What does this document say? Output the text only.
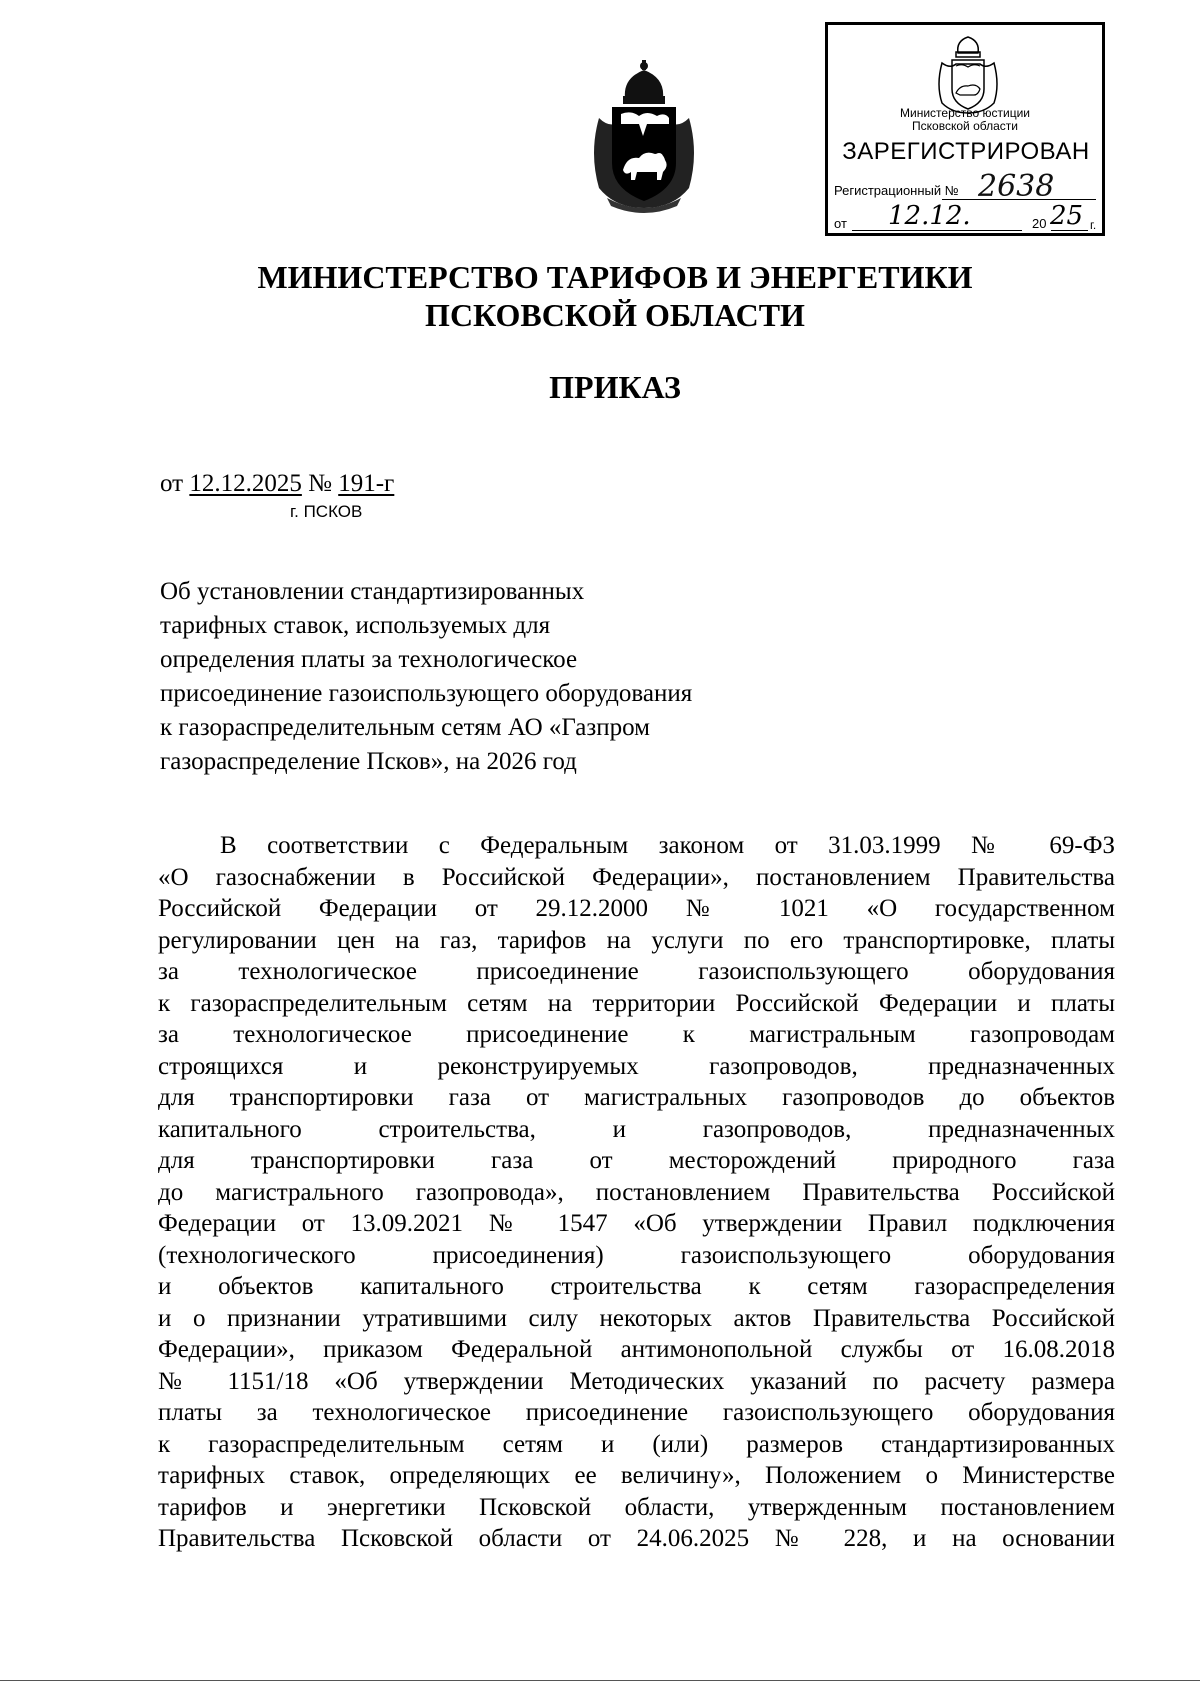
Министерство юстиции
Псковской области
ЗАРЕГИСТРИРОВАН
Регистрационный № 2638
от 12.12.	20 25 г.
МИНИСТЕРСТВО ТАРИФОВ И ЭНЕРГЕТИКИ
ПСКОВСКОЙ ОБЛАСТИ
ПРИКАЗ
от 12.12.2025 № 191-г
г. ПСКОВ
Об установлении стандартизированных
тарифных ставок, используемых для
определения платы за технологическое
присоединение газоиспользующего оборудования
к газораспределительным сетям АО «Газпром
газораспределение Псков», на 2026 год
В соответствии с Федеральным законом от 31.03.1999 № 69-ФЗ
«О газоснабжении в Российской Федерации», постановлением Правительства
Российской Федерации от 29.12.2000 № 1021 «О государственном
регулировании цен на газ, тарифов на услуги по его транспортировке, платы
за технологическое присоединение газоиспользующего оборудования
к газораспределительным сетям на территории Российской Федерации и платы
за технологическое присоединение к магистральным газопроводам
строящихся и реконструируемых газопроводов, предназначенных
для транспортировки газа от магистральных газопроводов до объектов
капитального строительства, и газопроводов, предназначенных
для транспортировки газа от месторождений природного газа
до магистрального газопровода», постановлением Правительства Российской
Федерации от 13.09.2021 № 1547 «Об утверждении Правил подключения
(технологического присоединения) газоиспользующего оборудования
и объектов капитального строительства к сетям газораспределения
и о признании утратившими силу некоторых актов Правительства Российской
Федерации», приказом Федеральной антимонопольной службы от 16.08.2018
№ 1151/18 «Об утверждении Методических указаний по расчету размера
платы за технологическое присоединение газоиспользующего оборудования
к газораспределительным сетям и (или) размеров стандартизированных
тарифных ставок, определяющих ее величину», Положением о Министерстве
тарифов и энергетики Псковской области, утвержденным постановлением
Правительства Псковской области от 24.06.2025 № 228, и на основании
